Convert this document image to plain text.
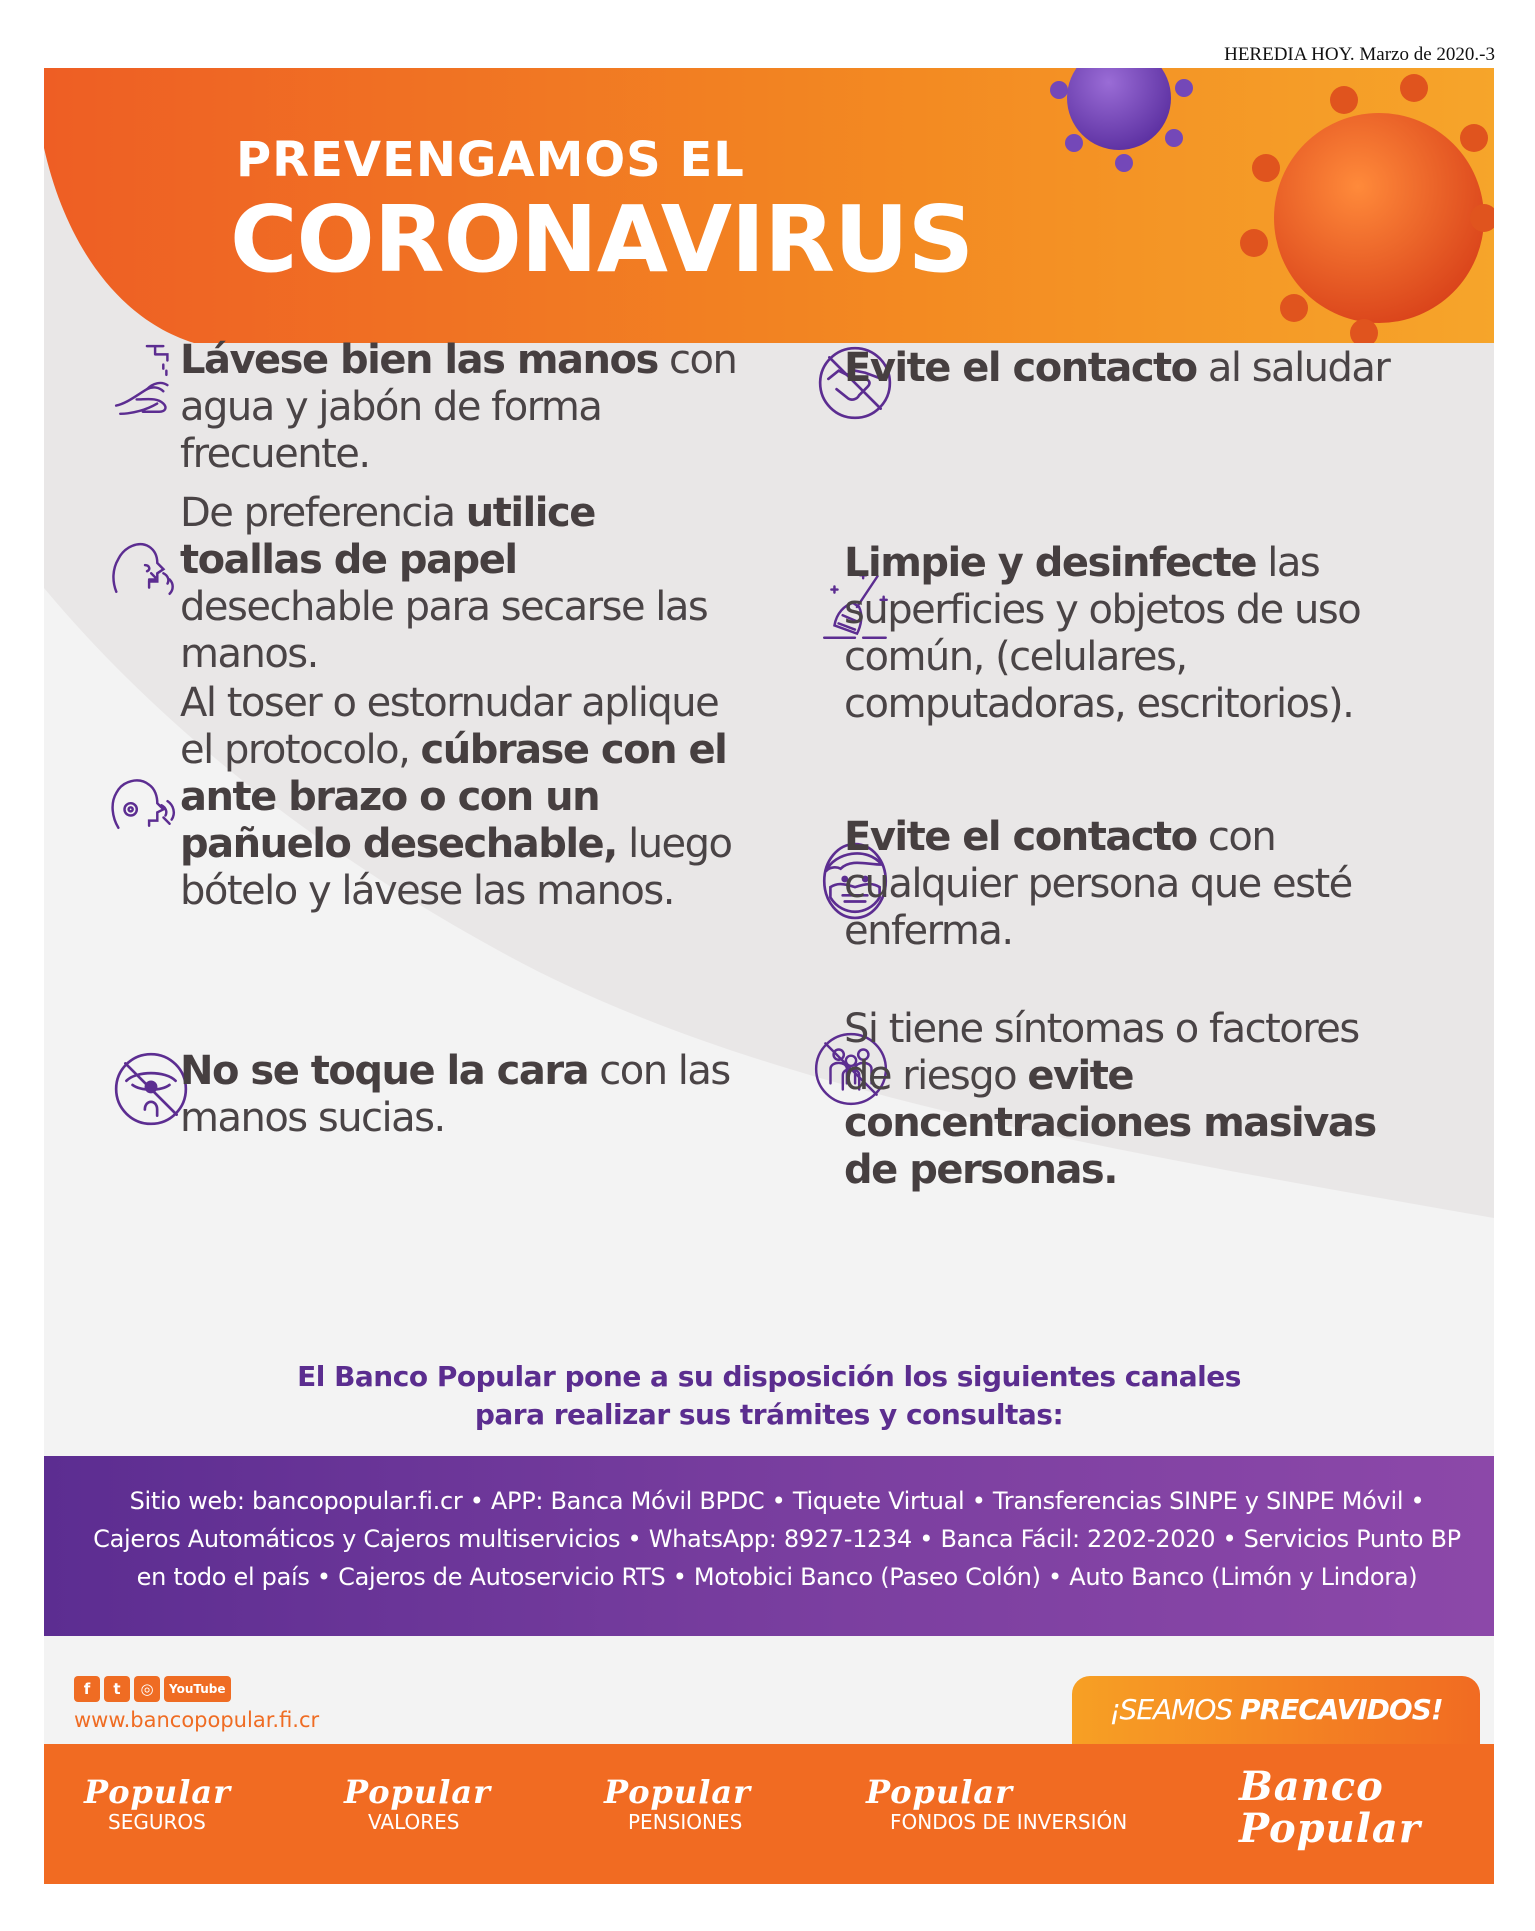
HEREDIA HOY. Marzo de 2020.-3
PREVENGAMOS EL
CORONAVIRUS
Lávese bien las manos con agua y jabón de forma frecuente.
De preferencia utilice toallas de papel desechable para secarse las manos.
Al toser o estornudar aplique el protocolo, cúbrase con el ante brazo o con un pañuelo desechable, luego bótelo y lávese las manos.
No se toque la cara con las manos sucias.
Evite el contacto al saludar
Limpie y desinfecte las superficies y objetos de uso común, (celulares, computadoras, escritorios).
Evite el contacto con cualquier persona que esté enferma.
Si tiene síntomas o factores de riesgo evite concentraciones masivas de personas.
El Banco Popular pone a su disposición los siguientes canales
para realizar sus trámites y consultas:
Sitio web: bancopopular.fi.cr • APP: Banca Móvil BPDC • Tiquete Virtual • Transferencias SINPE y SINPE Móvil • Cajeros Automáticos y Cajeros multiservicios • WhatsApp: 8927-1234 • Banca Fácil: 2202-2020 • Servicios Punto BP en todo el país • Cajeros de Autoservicio RTS • Motobici Banco (Paseo Colón) • Auto Banco (Limón y Lindora)
f	t	◎	YouTube
www.bancopopular.fi.cr	¡SEAMOS PRECAVIDOS!
Popular
SEGUROS
Popular
VALORES
Popular
PENSIONES
Popular
FONDOS DE INVERSIÓN
Banco
Popular
